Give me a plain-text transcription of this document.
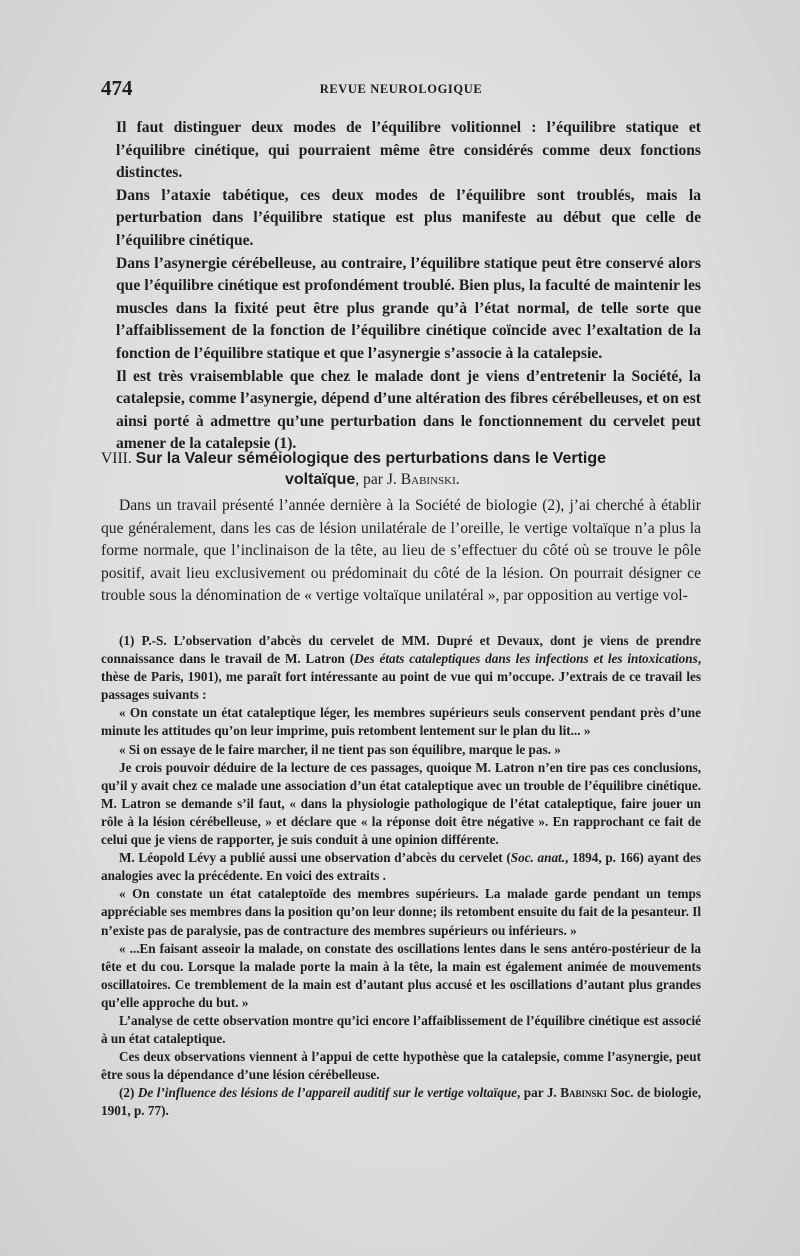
474	REVUE NEUROLOGIQUE

Il faut distinguer deux modes de l’équilibre volitionnel : l’équilibre statique et l’équilibre cinétique, qui pourraient même être considérés comme deux fonctions distinctes.

Dans l’ataxie tabétique, ces deux modes de l’équilibre sont troublés, mais la perturbation dans l’équilibre statique est plus manifeste au début que celle de l’équilibre cinétique.

Dans l’asynergie cérébelleuse, au contraire, l’équilibre statique peut être conservé alors que l’équilibre cinétique est profondément troublé. Bien plus, la faculté de maintenir les muscles dans la fixité peut être plus grande qu’à l’état normal, de telle sorte que l’affaiblissement de la fonction de l’équilibre cinétique coïncide avec l’exaltation de la fonction de l’équilibre statique et que l’asynergie s’associe à la catalepsie.

Il est très vraisemblable que chez le malade dont je viens d’entretenir la Société, la catalepsie, comme l’asynergie, dépend d’une altération des fibres cérébelleuses, et on est ainsi porté à admettre qu’une perturbation dans le fonctionnement du cervelet peut amener de la catalepsie (1).

VIII. Sur la Valeur séméiologique des perturbations dans le Vertige
voltaïque, par J. Babinski.

Dans un travail présenté l’année dernière à la Société de biologie (2), j’ai cherché à établir que généralement, dans les cas de lésion unilatérale de l’oreille, le vertige voltaïque n’a plus la forme normale, que l’inclinaison de la tête, au lieu de s’effectuer du côté où se trouve le pôle positif, avait lieu exclusivement ou prédominait du côté de la lésion. On pourrait désigner ce trouble sous la dénomination de « vertige voltaïque unilatéral », par opposition au vertige vol-

(1) P.-S. L’observation d’abcès du cervelet de MM. Dupré et Devaux, dont je viens de prendre connaissance dans le travail de M. Latron (Des états cataleptiques dans les infections et les intoxications, thèse de Paris, 1901), me paraît fort intéressante au point de vue qui m’occupe. J’extrais de ce travail les passages suivants :

« On constate un état cataleptique léger, les membres supérieurs seuls conservent pendant près d’une minute les attitudes qu’on leur imprime, puis retombent lentement sur le plan du lit... »

« Si on essaye de le faire marcher, il ne tient pas son équilibre, marque le pas. »

Je crois pouvoir déduire de la lecture de ces passages, quoique M. Latron n’en tire pas ces conclusions, qu’il y avait chez ce malade une association d’un état cataleptique avec un trouble de l’équilibre cinétique. M. Latron se demande s’il faut, « dans la physiologie pathologique de l’état cataleptique, faire jouer un rôle à la lésion cérébelleuse, » et déclare que « la réponse doit être négative ». En rapprochant ce fait de celui que je viens de rapporter, je suis conduit à une opinion différente.

M. Léopold Lévy a publié aussi une observation d’abcès du cervelet (Soc. anat., 1894, p. 166) ayant des analogies avec la précédente. En voici des extraits .

« On constate un état cataleptoïde des membres supérieurs. La malade garde pendant un temps appréciable ses membres dans la position qu’on leur donne; ils retombent ensuite du fait de la pesanteur. Il n’existe pas de paralysie, pas de contracture des membres supérieurs ou inférieurs. »

« ...En faisant asseoir la malade, on constate des oscillations lentes dans le sens antéro-postérieur de la tête et du cou. Lorsque la malade porte la main à la tête, la main est également animée de mouvements oscillatoires. Ce tremblement de la main est d’autant plus accusé et les oscillations d’autant plus grandes qu’elle approche du but. »

L’analyse de cette observation montre qu’ici encore l’affaiblissement de l’équilibre cinétique est associé à un état cataleptique.

Ces deux observations viennent à l’appui de cette hypothèse que la catalepsie, comme l’asynergie, peut être sous la dépendance d’une lésion cérébelleuse.

(2) De l’influence des lésions de l’appareil auditif sur le vertige voltaïque, par J. Babinski Soc. de biologie, 1901, p. 77).
